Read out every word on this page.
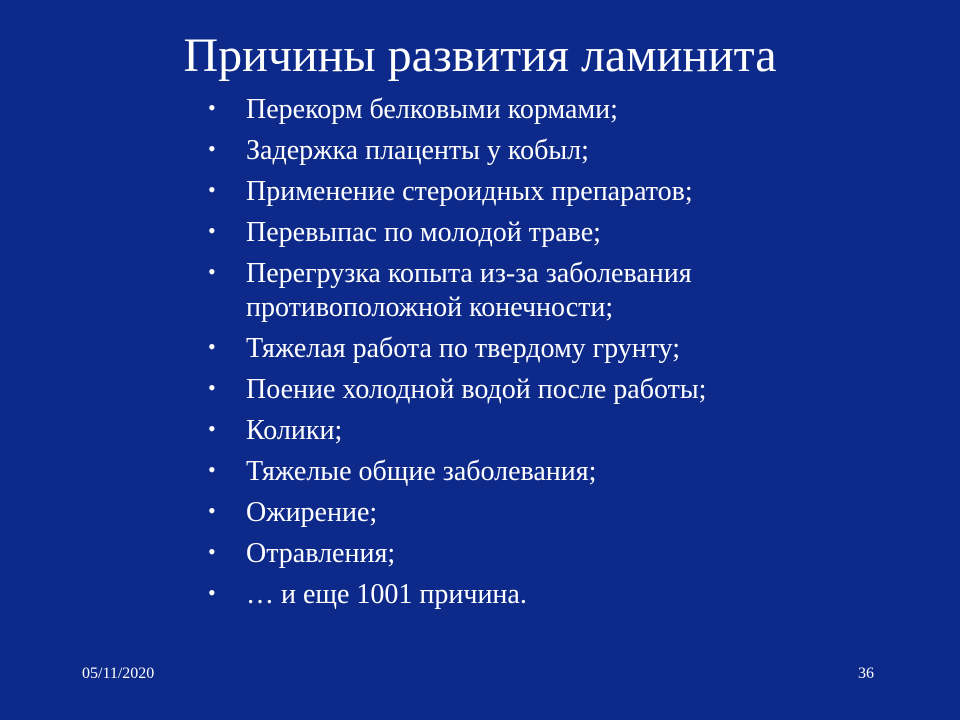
Причины развития ламинита
• Перекорм белковыми кормами;
• Задержка плаценты у кобыл;
• Применение стероидных препаратов;
• Перевыпас по молодой траве;
• Перегрузка копыта из-за заболевания противоположной конечности;
• Тяжелая работа по твердому грунту;
• Поение холодной водой после работы;
• Колики;
• Тяжелые общие заболевания;
• Ожирение;
• Отравления;
• … и еще 1001 причина.
05/11/2020	36
